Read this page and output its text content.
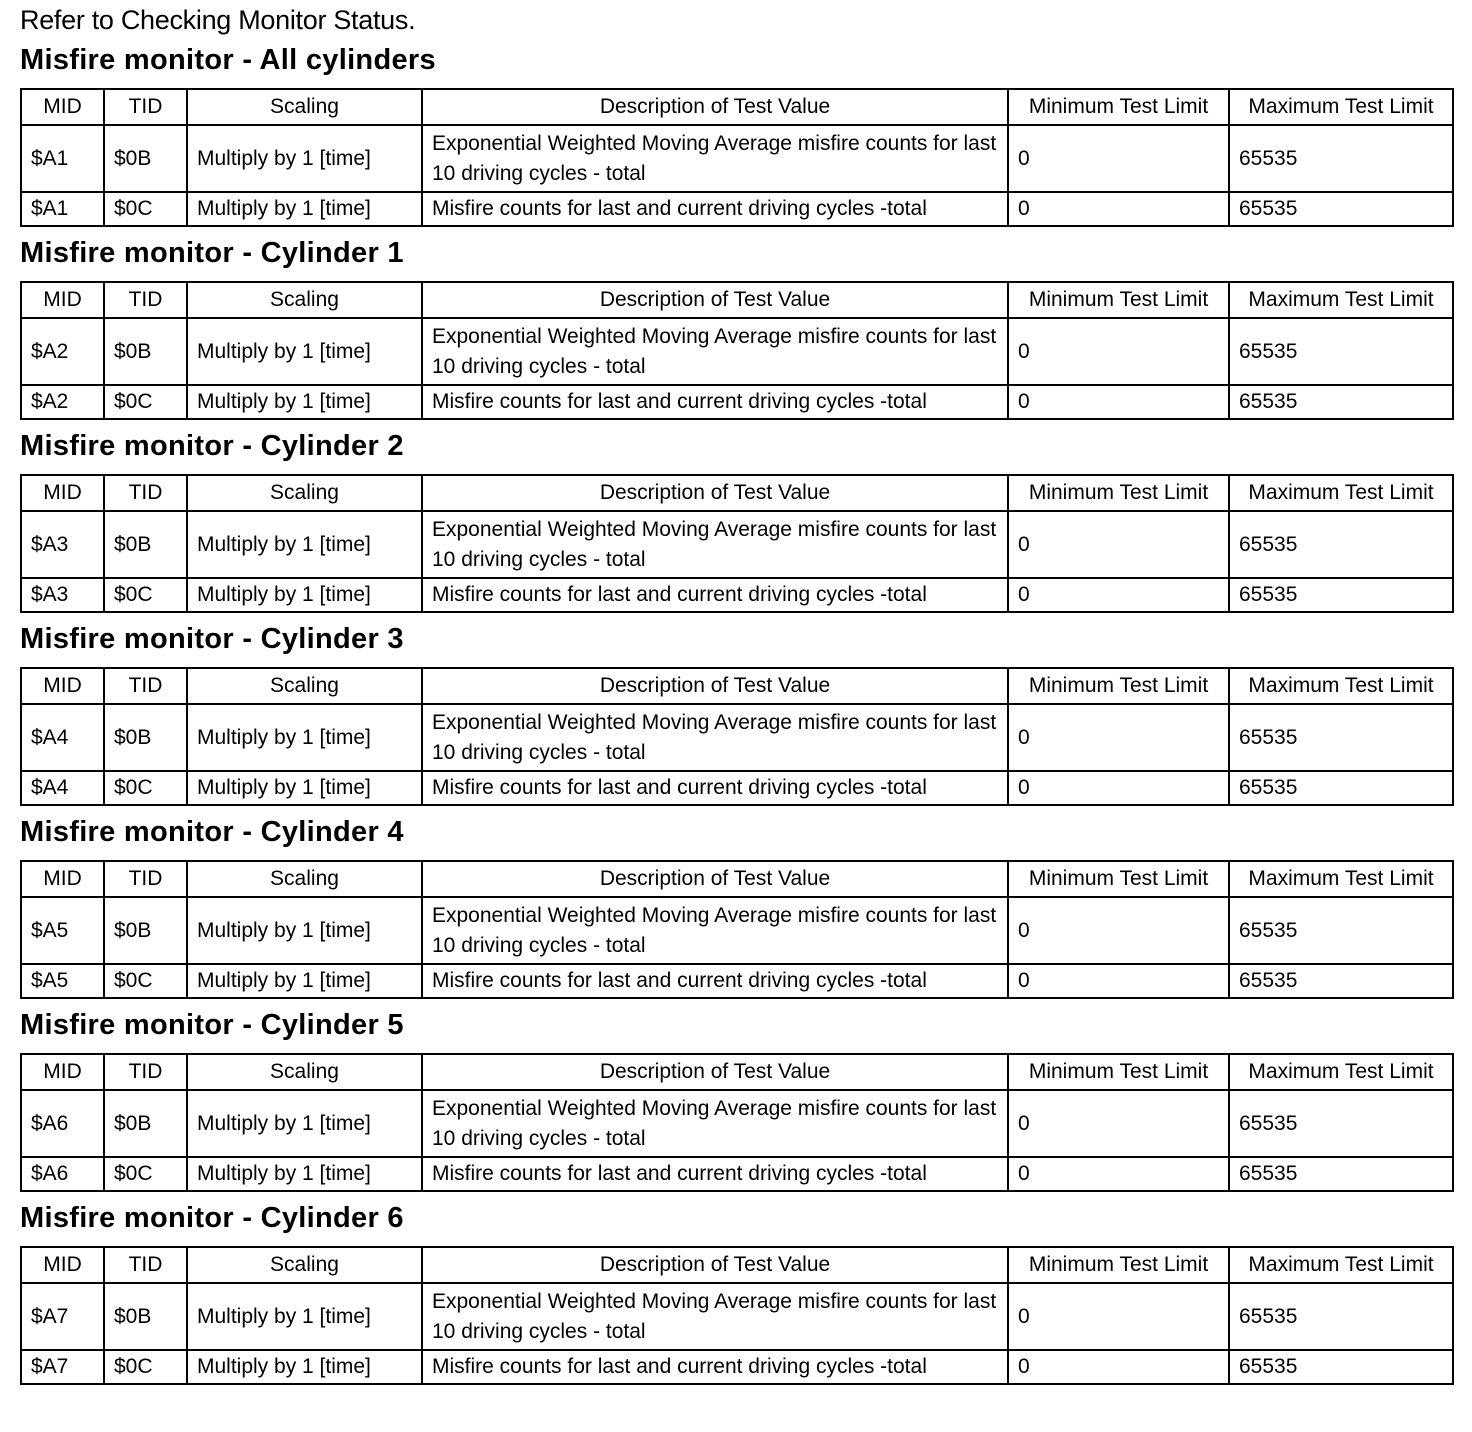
Refer to Checking Monitor Status.

Misfire monitor - All cylinders
MID	TID	Scaling	Description of Test Value	Minimum Test Limit	Maximum Test Limit
$A1	$0B	Multiply by 1 [time]	Exponential Weighted Moving Average misfire counts for last 10 driving cycles - total	0	65535
$A1	$0C	Multiply by 1 [time]	Misfire counts for last and current driving cycles -total	0	65535
Misfire monitor - Cylinder 1
MID	TID	Scaling	Description of Test Value	Minimum Test Limit	Maximum Test Limit
$A2	$0B	Multiply by 1 [time]	Exponential Weighted Moving Average misfire counts for last 10 driving cycles - total	0	65535
$A2	$0C	Multiply by 1 [time]	Misfire counts for last and current driving cycles -total	0	65535
Misfire monitor - Cylinder 2
MID	TID	Scaling	Description of Test Value	Minimum Test Limit	Maximum Test Limit
$A3	$0B	Multiply by 1 [time]	Exponential Weighted Moving Average misfire counts for last 10 driving cycles - total	0	65535
$A3	$0C	Multiply by 1 [time]	Misfire counts for last and current driving cycles -total	0	65535
Misfire monitor - Cylinder 3
MID	TID	Scaling	Description of Test Value	Minimum Test Limit	Maximum Test Limit
$A4	$0B	Multiply by 1 [time]	Exponential Weighted Moving Average misfire counts for last 10 driving cycles - total	0	65535
$A4	$0C	Multiply by 1 [time]	Misfire counts for last and current driving cycles -total	0	65535
Misfire monitor - Cylinder 4
MID	TID	Scaling	Description of Test Value	Minimum Test Limit	Maximum Test Limit
$A5	$0B	Multiply by 1 [time]	Exponential Weighted Moving Average misfire counts for last 10 driving cycles - total	0	65535
$A5	$0C	Multiply by 1 [time]	Misfire counts for last and current driving cycles -total	0	65535
Misfire monitor - Cylinder 5
MID	TID	Scaling	Description of Test Value	Minimum Test Limit	Maximum Test Limit
$A6	$0B	Multiply by 1 [time]	Exponential Weighted Moving Average misfire counts for last 10 driving cycles - total	0	65535
$A6	$0C	Multiply by 1 [time]	Misfire counts for last and current driving cycles -total	0	65535
Misfire monitor - Cylinder 6
MID	TID	Scaling	Description of Test Value	Minimum Test Limit	Maximum Test Limit
$A7	$0B	Multiply by 1 [time]	Exponential Weighted Moving Average misfire counts for last 10 driving cycles - total	0	65535
$A7	$0C	Multiply by 1 [time]	Misfire counts for last and current driving cycles -total	0	65535
